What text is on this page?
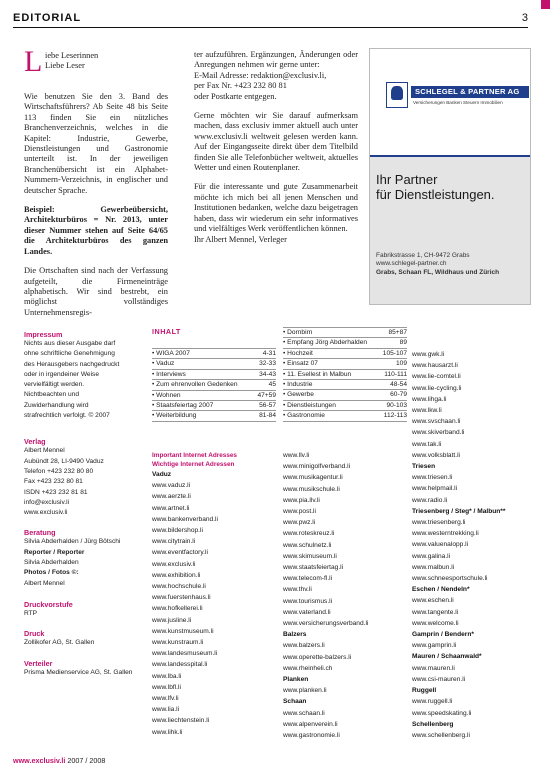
EDITORIAL	3
L iebe Leserinnen
Liebe Leser
Wie benutzen Sie den 3. Band des Wirtschaftsführers? Ab Seite 48 bis Seite 113 finden Sie ein nützliches Branchenverzeichnis, welches in die Kapitel: Industrie, Gewerbe, Dienstleistungen und Gastronomie unterteilt ist. In der jeweiligen Branchenübersicht ist ein Alphabet-Nummern-Verzeichnis, in englischer und deutscher Sprache.
Beispiel: Gewerbeübersicht, Architekturbüros = Nr. 2013, unter dieser Nummer stehen auf Seite 64/65 die Architekturbüros des ganzen Landes.
Die Ortschaften sind nach der Verfassung aufgeteilt, die Firmeneinträge alphabetisch. Wir sind bestrebt, ein möglichst vollständiges Unternehmensregis-
ter aufzuführen. Ergänzungen, Änderungen oder Anregungen nehmen wir gerne unter:
E-Mail Adresse: redaktion@exclusiv.li,
per Fax Nr. +423 232 80 81
oder Postkarte entgegen.
Gerne möchten wir Sie darauf aufmerksam machen, dass exclusiv immer aktuell auch unter www.exclusiv.li weltweit gelesen werden kann. Auf der Eingangsseite direkt über dem Titelbild finden Sie alle Telefonbücher weltweit, aktuelles Wetter und einen Routenplaner.
Für die interessante und gute Zusammenarbeit möchte ich mich bei all jenen Menschen und Institutionen bedanken, welche dazu beigetragen haben, dass wir wiederum ein sehr informatives und vielfältiges Werk veröffentlichen können.
Ihr Albert Mennel, Verleger
SCHLEGEL & PARTNER AG
Versicherungen Banken Steuern Immobilien
Ihr Partner
für Dienstleistungen.
Fabrikstrasse 1, CH-9472 Grabs
www.schlegel-partner.ch
Grabs, Schaan FL, Wildhaus und Zürich
Impressum
Nichts aus dieser Ausgabe darf
ohne schriftliche Genehmigung
des Herausgebers nachgedruckt
oder in irgendeiner Weise
vervielfältigt werden.
Nichtbeachten und
Zuwiderhandlung wird
strafrechtlich verfolgt. © 2007
Verlag
Albert Mennel
Aubündt 28, LI-9490 Vaduz
Telefon +423 232 80 80
Fax +423 232 80 81
ISDN +423 232 81 81
info@exclusiv.li
www.exclusiv.li
Beratung
Silvia Abderhalden / Jürg Bötschi
Reporter / Reporter
Silvia Abderhalden
Photos / Fotos ©:
Albert Mennel
Druckvorstufe
RTP
Druck
Zollikofer AG, St. Gallen
Verteiler
Prisma Medienservice AG, St. Gallen
INHALT
• WIGA 2007	4-31
• Vaduz	32-33
• Interviews	34-43
• Zum ehrenvollen Gedenken	45
• Wohnen	47+59
• Staatsfeiertag 2007	56-57
• Weiterbildung	81-84
• Dornbirn	85+87
• Empfang Jörg Abderhalden	89
• Hochzeit	105-107
• Einsatz 07	109
• 11. Esellest in Malbun	110-111
• Industrie	48-54
• Gewerbe	60-79
• Dienstleistungen	90-103
• Gastronomie	112-113
Important Internet Adresses
Wichtige Internet Adressen
Vaduz
www.vaduz.li
www.aerzte.li
www.artnet.li
www.bankenverband.li
www.bildershop.li
www.citytrain.li
www.eventfactory.li
www.exclusiv.li
www.exhibition.li
www.hochschule.li
www.fuerstenhaus.li
www.hofkellerei.li
www.jusline.li
www.kunstmuseum.li
www.kunstraum.li
www.landesmuseum.li
www.landesspital.li
www.lba.li
www.lbfl.li
www.lfv.li
www.lia.li
www.liechtenstein.li
www.lihk.li
www.llv.li
www.minigolfverband.li
www.musikagentur.li
www.musikschule.li
www.pia.llv.li
www.post.li
www.pwz.li
www.roteskreuz.li
www.schulnetz.li
www.skimuseum.li
www.staatsfeiertag.li
www.telecom-fl.li
www.thv.li
www.tourismus.li
www.vaterland.li
www.versicherungsverband.li
Balzers
www.balzers.li
www.operette-balzers.li
www.rheinheli.ch
Planken
www.planken.li
Schaan
www.schaan.li
www.alpenverein.li
www.gastronomie.li
www.gwk.li
www.hausarzt.li
www.lie-comtel.li
www.lie-cycling.li
www.lihga.li
www.lkw.li
www.svschaan.li
www.skiverband.li
www.tak.li
www.volksblatt.li
Triesen
www.triesen.li
www.helpmail.li
www.radio.li
Triesenberg / Steg* / Malbun**
www.triesenberg.li
www.westerntrekking.li
www.valuenalopp.li
www.galina.li
www.malbun.li
www.schneesportschule.li
Eschen / Nendeln*
www.eschen.li
www.tangente.li
www.welcome.li
Gamprin / Bendern*
www.gamprin.li
Mauren / Schaanwald*
www.mauren.li
www.csi-mauren.li
Ruggell
www.ruggell.li
www.speedskating.li
Schellenberg
www.schellenberg.li
www.exclusiv.li 2007 / 2008
